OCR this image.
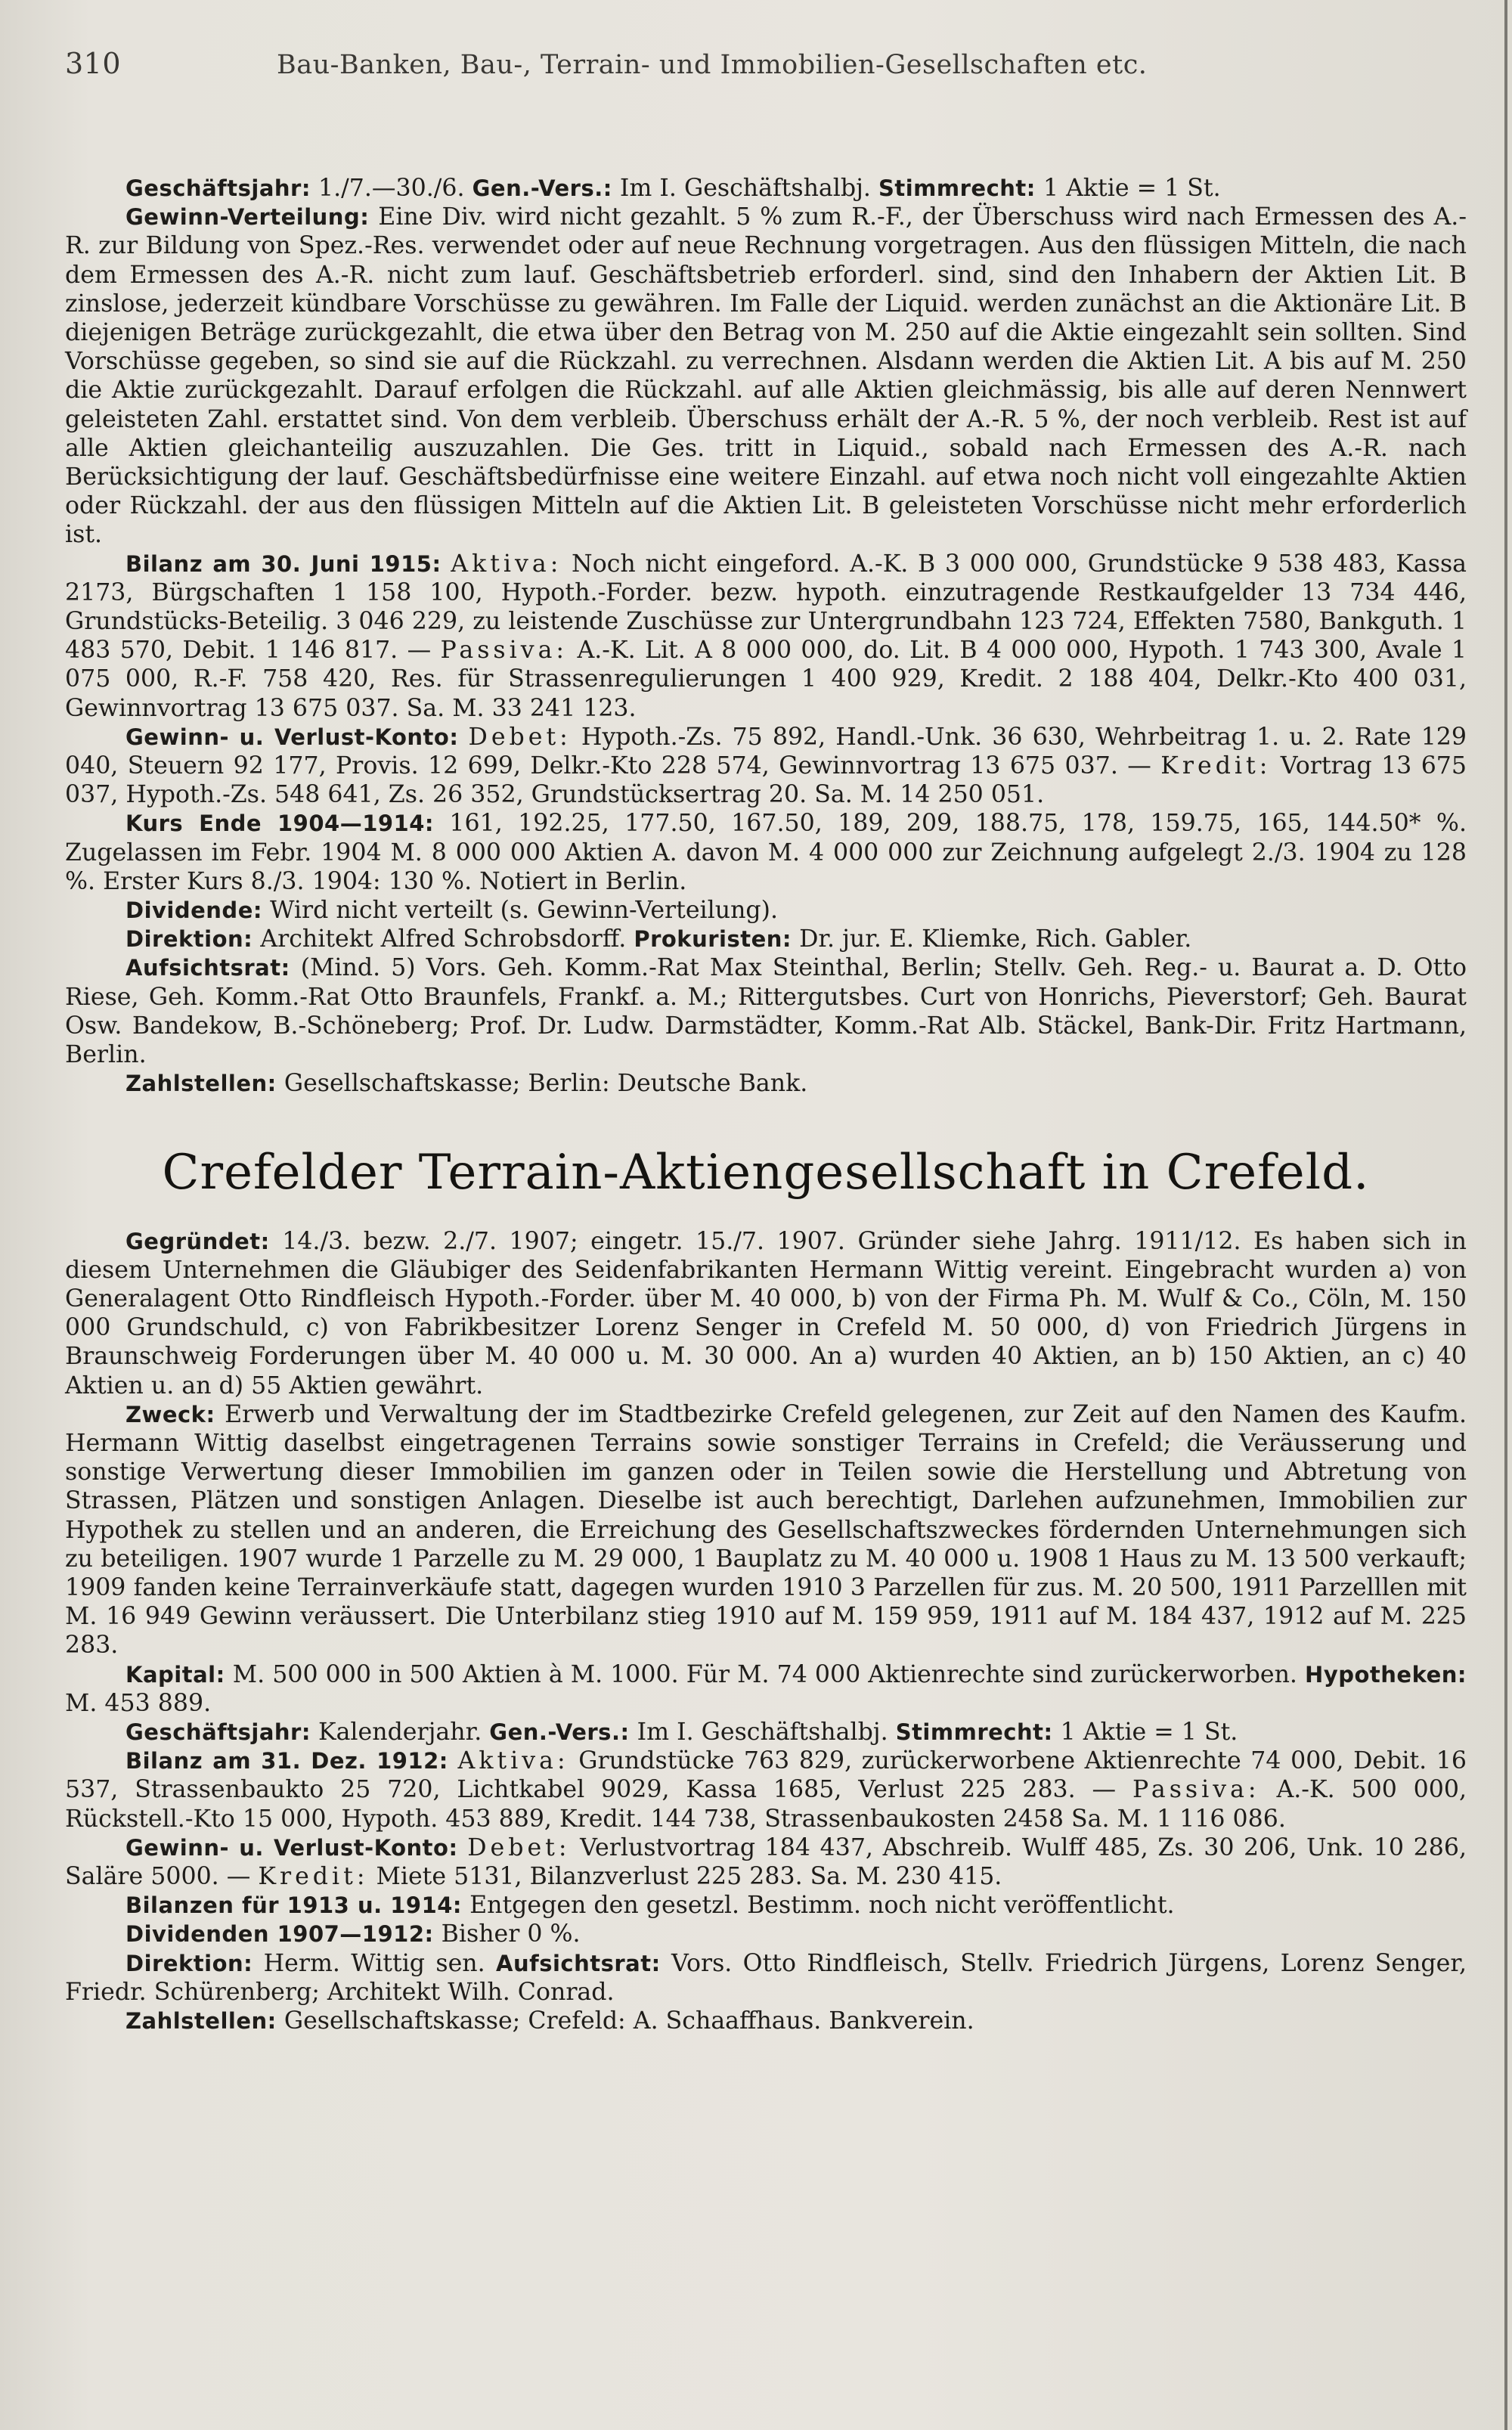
310	Bau-Banken, Bau-, Terrain- und Immobilien-Gesellschaften etc.

Geschäftsjahr: 1./7.—30./6. Gen.-Vers.: Im I. Geschäftshalbj. Stimmrecht: 1 Aktie = 1 St.

Gewinn-Verteilung: Eine Div. wird nicht gezahlt. 5 % zum R.-F., der Überschuss wird nach Ermessen des A.-R. zur Bildung von Spez.-Res. verwendet oder auf neue Rechnung vorgetragen. Aus den flüssigen Mitteln, die nach dem Ermessen des A.-R. nicht zum lauf. Geschäftsbetrieb erforderl. sind, sind den Inhabern der Aktien Lit. B zinslose, jederzeit kündbare Vorschüsse zu gewähren. Im Falle der Liquid. werden zunächst an die Aktionäre Lit. B diejenigen Beträge zurückgezahlt, die etwa über den Betrag von M. 250 auf die Aktie eingezahlt sein sollten. Sind Vorschüsse gegeben, so sind sie auf die Rückzahl. zu verrechnen. Alsdann werden die Aktien Lit. A bis auf M. 250 die Aktie zurückgezahlt. Darauf erfolgen die Rückzahl. auf alle Aktien gleichmässig, bis alle auf deren Nennwert geleisteten Zahl. erstattet sind. Von dem verbleib. Überschuss erhält der A.-R. 5 %, der noch verbleib. Rest ist auf alle Aktien gleichanteilig auszuzahlen. Die Ges. tritt in Liquid., sobald nach Ermessen des A.-R. nach Berücksichtigung der lauf. Geschäftsbedürfnisse eine weitere Einzahl. auf etwa noch nicht voll eingezahlte Aktien oder Rückzahl. der aus den flüssigen Mitteln auf die Aktien Lit. B geleisteten Vorschüsse nicht mehr erforderlich ist.

Bilanz am 30. Juni 1915: Aktiva: Noch nicht eingeford. A.-K. B 3 000 000, Grundstücke 9 538 483, Kassa 2173, Bürgschaften 1 158 100, Hypoth.-Forder. bezw. hypoth. einzutragende Restkaufgelder 13 734 446, Grundstücks-Beteilig. 3 046 229, zu leistende Zuschüsse zur Untergrundbahn 123 724, Effekten 7580, Bankguth. 1 483 570, Debit. 1 146 817. — Passiva: A.-K. Lit. A 8 000 000, do. Lit. B 4 000 000, Hypoth. 1 743 300, Avale 1 075 000, R.-F. 758 420, Res. für Strassenregulierungen 1 400 929, Kredit. 2 188 404, Delkr.-Kto 400 031, Gewinnvortrag 13 675 037. Sa. M. 33 241 123.

Gewinn- u. Verlust-Konto: Debet: Hypoth.-Zs. 75 892, Handl.-Unk. 36 630, Wehrbeitrag 1. u. 2. Rate 129 040, Steuern 92 177, Provis. 12 699, Delkr.-Kto 228 574, Gewinnvortrag 13 675 037. — Kredit: Vortrag 13 675 037, Hypoth.-Zs. 548 641, Zs. 26 352, Grundstücksertrag 20. Sa. M. 14 250 051.

Kurs Ende 1904—1914: 161, 192.25, 177.50, 167.50, 189, 209, 188.75, 178, 159.75, 165, 144.50* %. Zugelassen im Febr. 1904 M. 8 000 000 Aktien A. davon M. 4 000 000 zur Zeichnung aufgelegt 2./3. 1904 zu 128 %. Erster Kurs 8./3. 1904: 130 %. Notiert in Berlin.

Dividende: Wird nicht verteilt (s. Gewinn-Verteilung).

Direktion: Architekt Alfred Schrobsdorff. Prokuristen: Dr. jur. E. Kliemke, Rich. Gabler.

Aufsichtsrat: (Mind. 5) Vors. Geh. Komm.-Rat Max Steinthal, Berlin; Stellv. Geh. Reg.- u. Baurat a. D. Otto Riese, Geh. Komm.-Rat Otto Braunfels, Frankf. a. M.; Rittergutsbes. Curt von Honrichs, Pieverstorf; Geh. Baurat Osw. Bandekow, B.-Schöneberg; Prof. Dr. Ludw. Darmstädter, Komm.-Rat Alb. Stäckel, Bank-Dir. Fritz Hartmann, Berlin.

Zahlstellen: Gesellschaftskasse; Berlin: Deutsche Bank.

Crefelder Terrain-Aktiengesellschaft in Crefeld.

Gegründet: 14./3. bezw. 2./7. 1907; eingetr. 15./7. 1907. Gründer siehe Jahrg. 1911/12. Es haben sich in diesem Unternehmen die Gläubiger des Seidenfabrikanten Hermann Wittig vereint. Eingebracht wurden a) von Generalagent Otto Rindfleisch Hypoth.-Forder. über M. 40 000, b) von der Firma Ph. M. Wulf & Co., Cöln, M. 150 000 Grundschuld, c) von Fabrikbesitzer Lorenz Senger in Crefeld M. 50 000, d) von Friedrich Jürgens in Braunschweig Forderungen über M. 40 000 u. M. 30 000. An a) wurden 40 Aktien, an b) 150 Aktien, an c) 40 Aktien u. an d) 55 Aktien gewährt.

Zweck: Erwerb und Verwaltung der im Stadtbezirke Crefeld gelegenen, zur Zeit auf den Namen des Kaufm. Hermann Wittig daselbst eingetragenen Terrains sowie sonstiger Terrains in Crefeld; die Veräusserung und sonstige Verwertung dieser Immobilien im ganzen oder in Teilen sowie die Herstellung und Abtretung von Strassen, Plätzen und sonstigen Anlagen. Dieselbe ist auch berechtigt, Darlehen aufzunehmen, Immobilien zur Hypothek zu stellen und an anderen, die Erreichung des Gesellschaftszweckes fördernden Unternehmungen sich zu beteiligen. 1907 wurde 1 Parzelle zu M. 29 000, 1 Bauplatz zu M. 40 000 u. 1908 1 Haus zu M. 13 500 verkauft; 1909 fanden keine Terrainverkäufe statt, dagegen wurden 1910 3 Parzellen für zus. M. 20 500, 1911 Parzelllen mit M. 16 949 Gewinn veräussert. Die Unterbilanz stieg 1910 auf M. 159 959, 1911 auf M. 184 437, 1912 auf M. 225 283.

Kapital: M. 500 000 in 500 Aktien à M. 1000. Für M. 74 000 Aktienrechte sind zurückerworben. Hypotheken: M. 453 889.

Geschäftsjahr: Kalenderjahr. Gen.-Vers.: Im I. Geschäftshalbj. Stimmrecht: 1 Aktie = 1 St.

Bilanz am 31. Dez. 1912: Aktiva: Grundstücke 763 829, zurückerworbene Aktienrechte 74 000, Debit. 16 537, Strassenbaukto 25 720, Lichtkabel 9029, Kassa 1685, Verlust 225 283. — Passiva: A.-K. 500 000, Rückstell.-Kto 15 000, Hypoth. 453 889, Kredit. 144 738, Strassenbaukosten 2458 Sa. M. 1 116 086.

Gewinn- u. Verlust-Konto: Debet: Verlustvortrag 184 437, Abschreib. Wulff 485, Zs. 30 206, Unk. 10 286, Saläre 5000. — Kredit: Miete 5131, Bilanzverlust 225 283. Sa. M. 230 415.

Bilanzen für 1913 u. 1914: Entgegen den gesetzl. Bestimm. noch nicht veröffentlicht.

Dividenden 1907—1912: Bisher 0 %.

Direktion: Herm. Wittig sen. Aufsichtsrat: Vors. Otto Rindfleisch, Stellv. Friedrich Jürgens, Lorenz Senger, Friedr. Schürenberg; Architekt Wilh. Conrad.

Zahlstellen: Gesellschaftskasse; Crefeld: A. Schaaffhaus. Bankverein.
